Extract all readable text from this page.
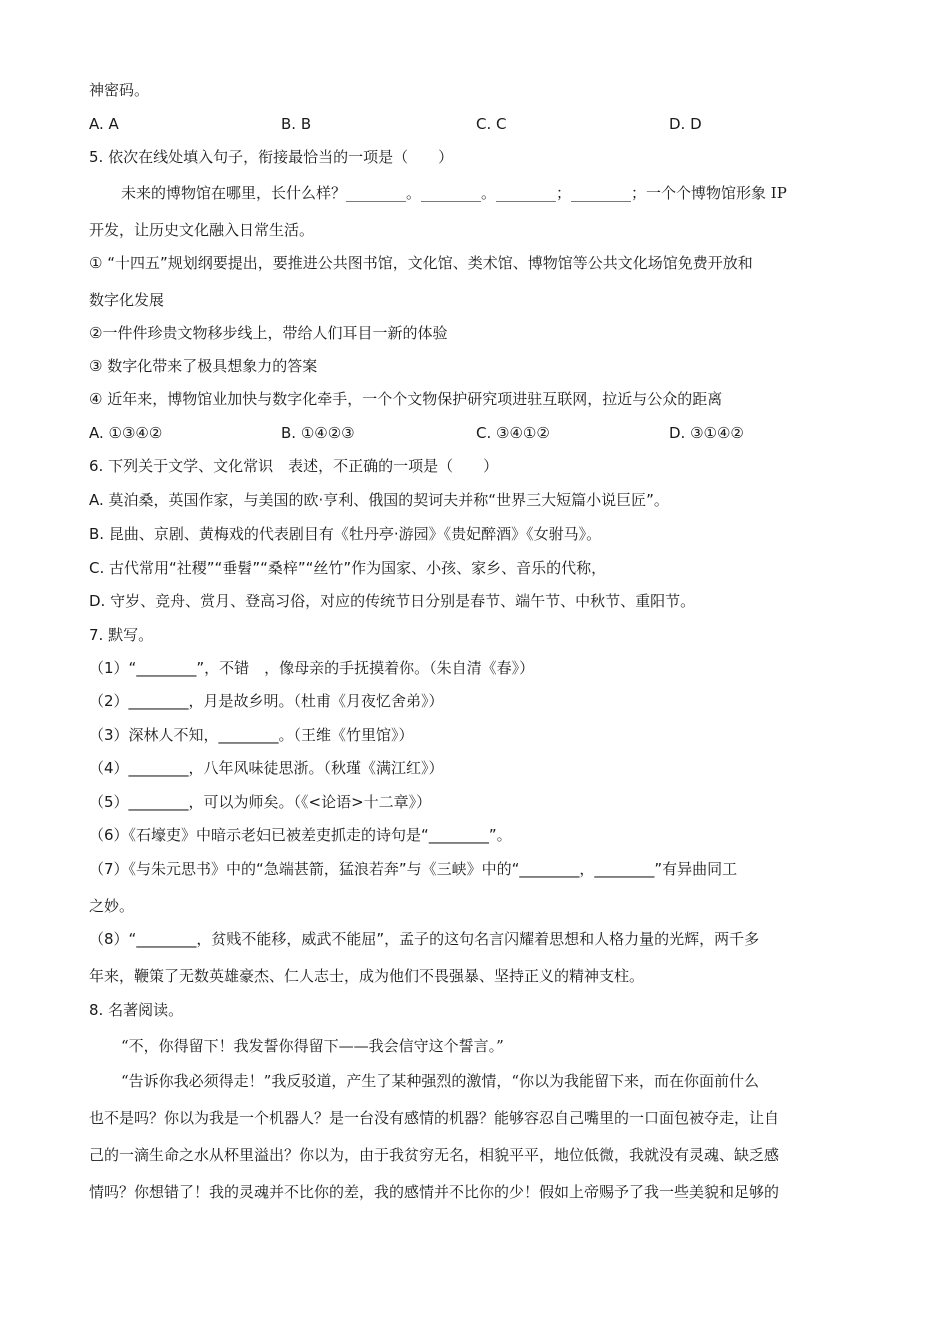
神密码。
A. A	B. B	C. C	D. D
5. 依次在线处填入句子，衔接最恰当的一项是（　　）
未来的博物馆在哪里，长什么样？________。________。________；________；一个个博物馆形象 IP
开发，让历史文化融入日常生活。
① “十四五”规划纲要提出，要推进公共图书馆，文化馆、类术馆、博物馆等公共文化场馆免费开放和
数字化发展
②一件件珍贵文物移步线上，带给人们耳目一新的体验
③ 数字化带来了极具想象力的答案
④ 近年来，博物馆业加快与数字化牵手，一个个文物保护研究项进驻互联网，拉近与公众的距离
A. ①③④②	B. ①④②③	C. ③④①②	D. ③①④②
6. 下列关于文学、文化常识　表述，不正确的一项是（　　）
A. 莫泊桑，英国作家，与美国的欧·亨利、俄国的契诃夫并称“世界三大短篇小说巨匠”。
B. 昆曲、京剧、黄梅戏的代表剧目有《牡丹亭·游园》《贵妃醉酒》《女驸马》。
C. 古代常用“社稷”“垂髫”“桑梓”“丝竹”作为国家、小孩、家乡、音乐的代称，
D. 守岁、竞舟、赏月、登高习俗，对应的传统节日分别是春节、端午节、中秋节、重阳节。
7. 默写。
（1）“________”，不错　，像母亲的手抚摸着你。（朱自清《春》）
（2）________，月是故乡明。（杜甫《月夜忆舍弟》）
（3）深林人不知，________。（王维《竹里馆》）
（4）________，八年风味徒思浙。（秋瑾《满江红》）
（5）________，可以为师矣。（《<论语>十二章》）
（6）《石壕吏》中暗示老妇已被差吏抓走的诗句是“________”。
（7）《与朱元思书》中的“急端甚箭，猛浪若奔”与《三峡》中的“________，________”有异曲同工
之妙。
（8）“________，贫贱不能移，威武不能屈”，孟子的这句名言闪耀着思想和人格力量的光辉，两千多
年来，鞭策了无数英雄豪杰、仁人志士，成为他们不畏强暴、坚持正义的精神支柱。
8. 名著阅读。
“不，你得留下！我发誓你得留下——我会信守这个誓言。”
“告诉你我必须得走！”我反驳道，产生了某种强烈的激情，“你以为我能留下来，而在你面前什么
也不是吗？你以为我是一个机器人？是一台没有感情的机器？能够容忍自己嘴里的一口面包被夺走，让自
己的一滴生命之水从杯里溢出？你以为，由于我贫穷无名，相貌平平，地位低微，我就没有灵魂、缺乏感
情吗？你想错了！我的灵魂并不比你的差，我的感情并不比你的少！假如上帝赐予了我一些美貌和足够的
